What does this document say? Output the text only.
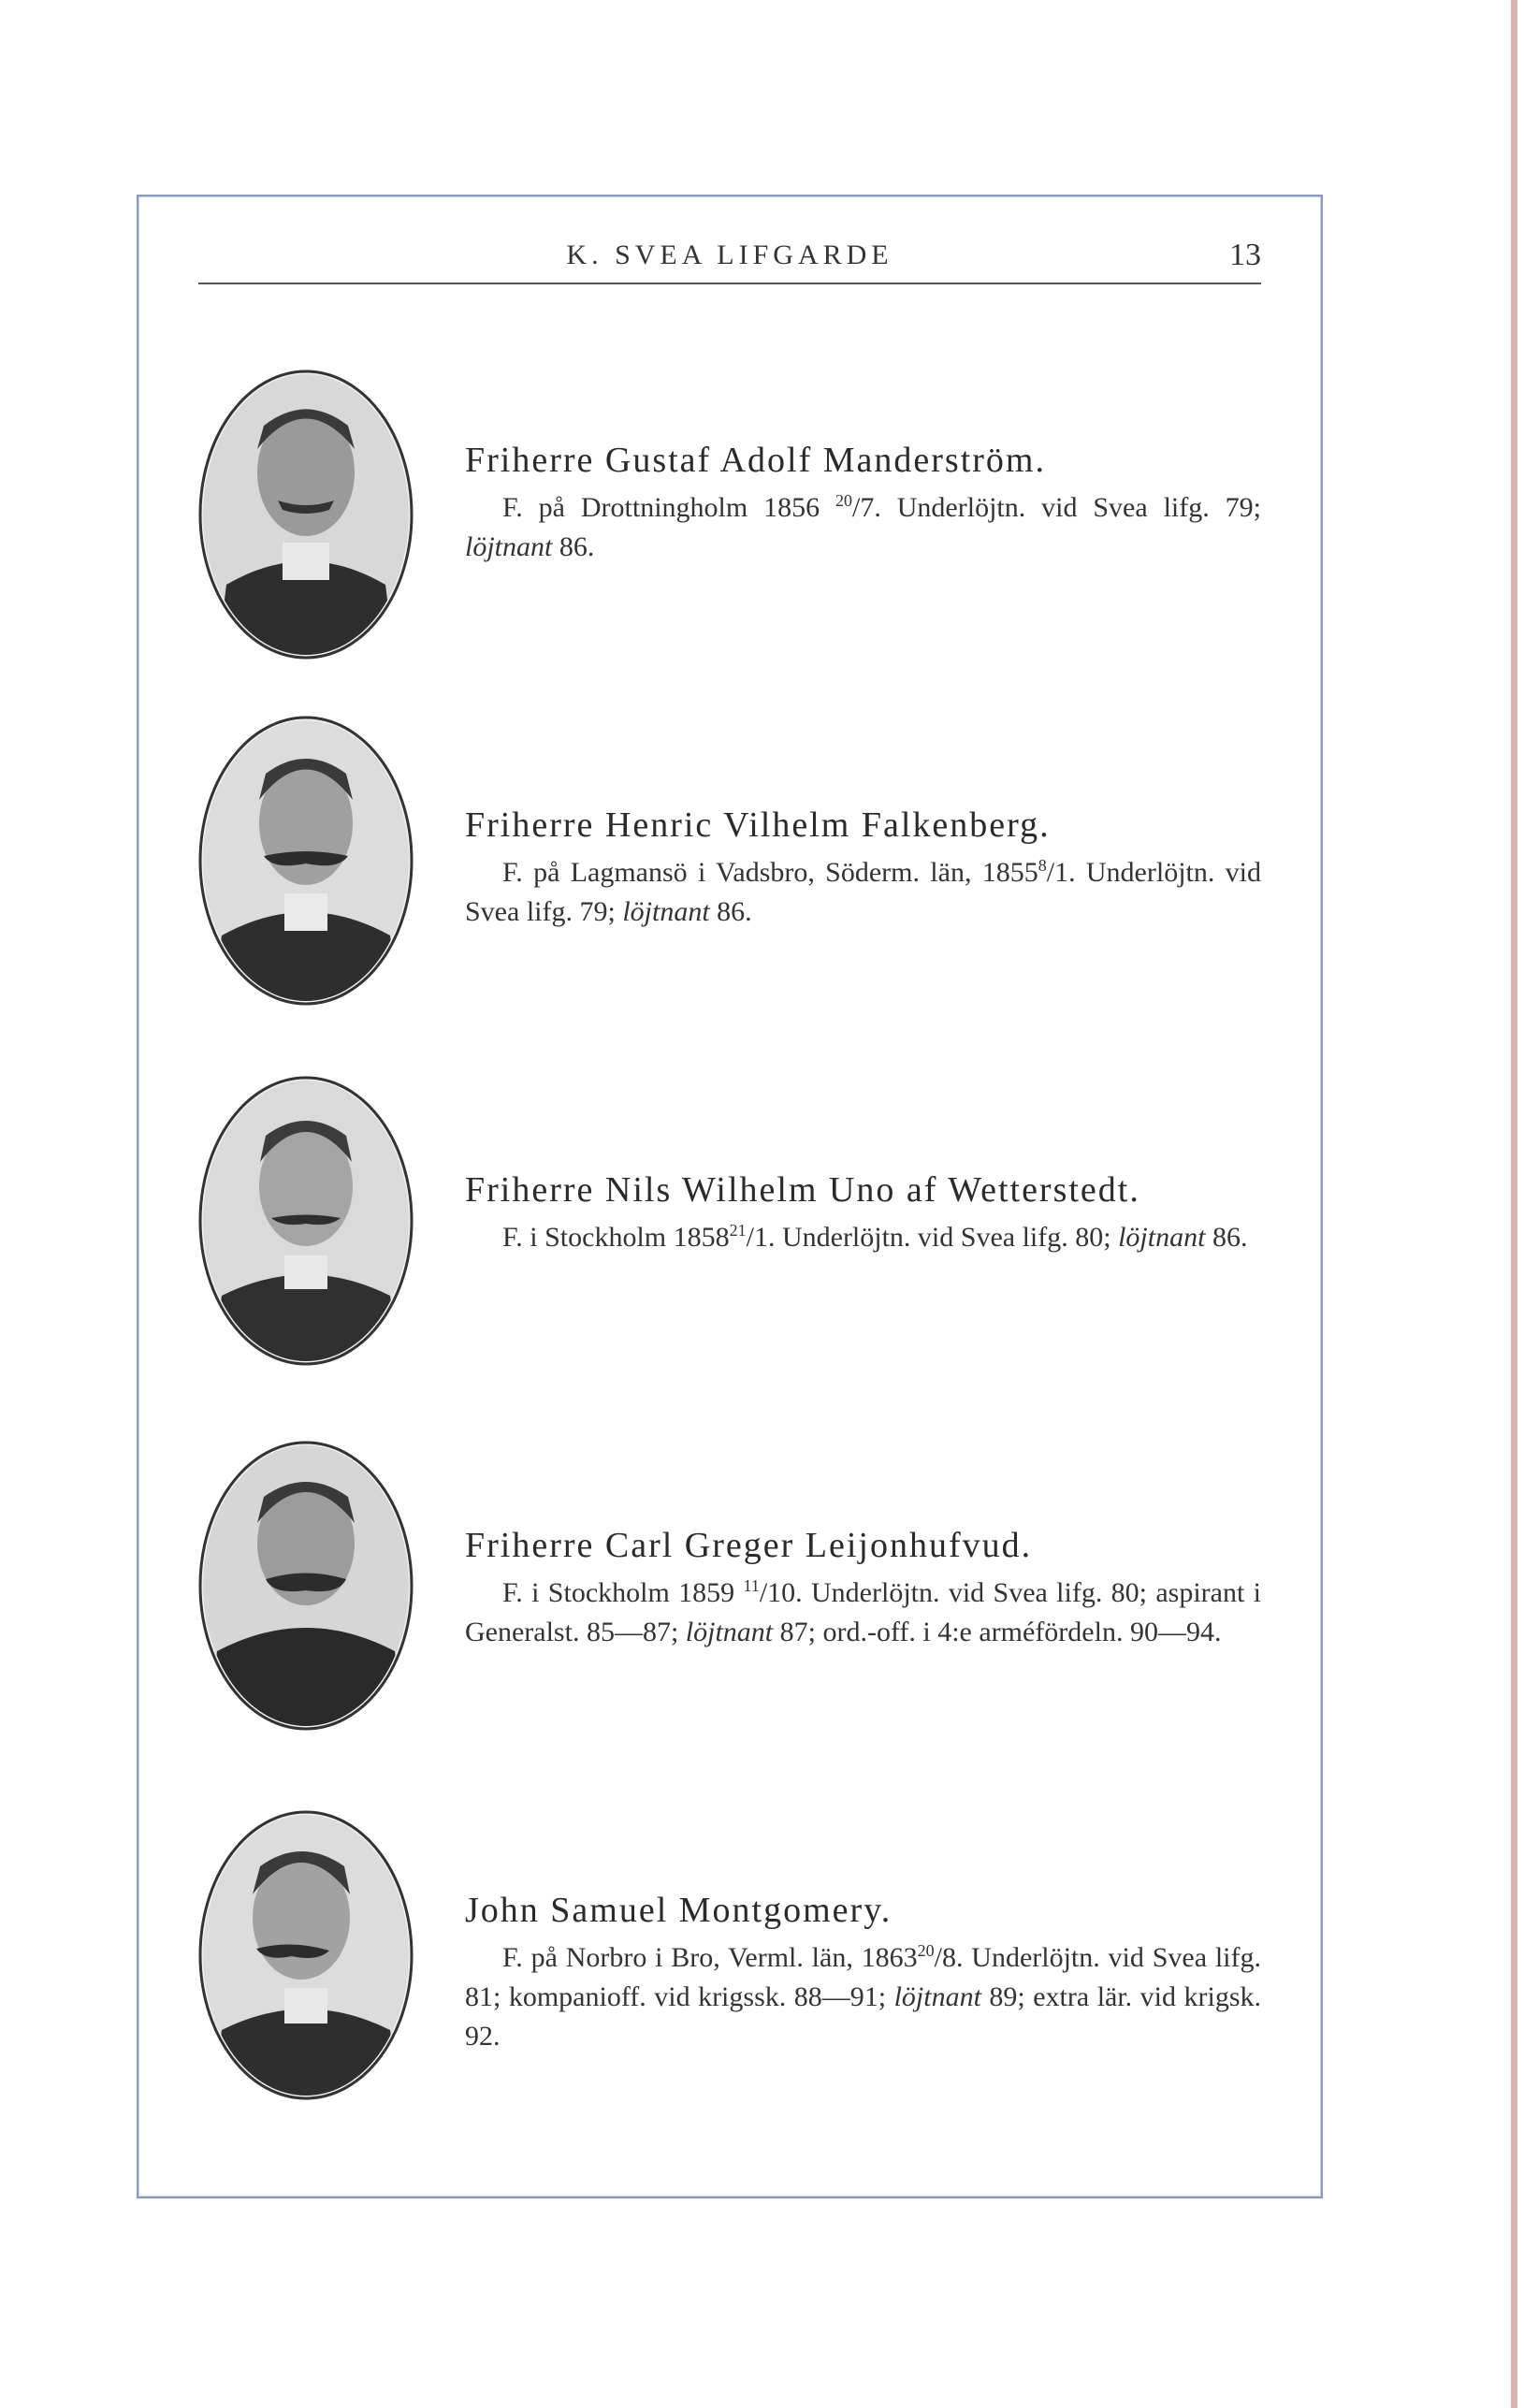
K. SVEA LIFGARDE	13

Friherre Gustaf Adolf Manderström.

F. på Drottningholm 1856 $^{20}$/7. Underlöjtn. vid Svea lifg. 79; löjtnant 86.

Friherre Henric Vilhelm Falkenberg.

F. på Lagmansö i Vadsbro, Söderm. län, 1855$^8$/1. Underlöjtn. vid Svea lifg. 79; löjtnant 86.

Friherre Nils Wilhelm Uno af Wetterstedt.

F. i Stockholm 1858$^{21}$/1. Underlöjtn. vid Svea lifg. 80; löjtnant 86.

Friherre Carl Greger Leijonhufvud.

F. i Stockholm 1859 $^{11}$/10. Underlöjtn. vid Svea lifg. 80; aspirant i Generalst. 85—87; löjtnant 87; ord.-off. i 4:e arméfördeln. 90—94.

John Samuel Montgomery.

F. på Norbro i Bro, Verml. län, 1863$^{20}$/8. Underlöjtn. vid Svea lifg. 81; kompanioff. vid krigssk. 88—91; löjtnant 89; extra lär. vid krigsk. 92.
